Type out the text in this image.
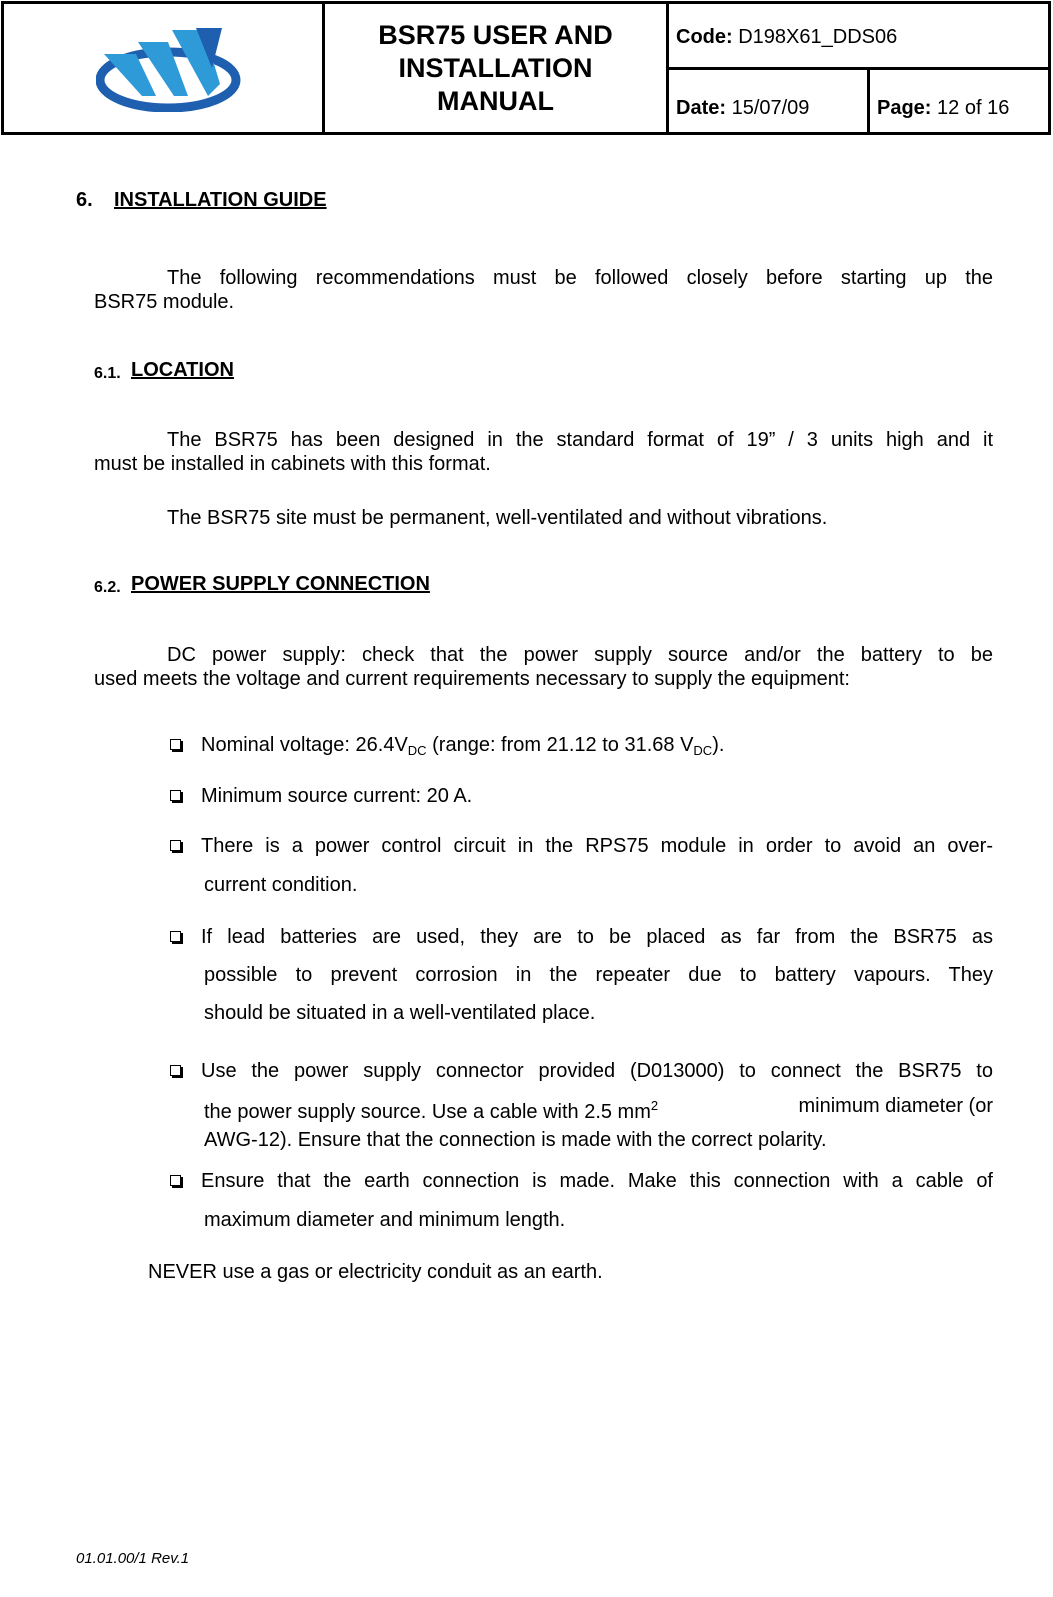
BSR75 USER AND INSTALLATION MANUAL
Code: D198X61_DDS06
Date: 15/07/09	Page: 12 of 16
6. INSTALLATION GUIDE
The following recommendations must be followed closely before starting up the
BSR75 module.
6.1. LOCATION
The BSR75 has been designed in the standard format of 19” / 3 units high and it
must be installed in cabinets with this format.
The BSR75 site must be permanent, well-ventilated and without vibrations.
6.2. POWER SUPPLY CONNECTION
DC power supply: check that the power supply source and/or the battery to be
used meets the voltage and current requirements necessary to supply the equipment:
Nominal voltage: $26.4V_{DC}$ (range: from 21.12 to 31.68 $V_{DC}$).
Minimum source current: 20 A.
There is a power control circuit in the RPS75 module in order to avoid an over-
current condition.
If lead batteries are used, they are to be placed as far from the BSR75 as
possible to prevent corrosion in the repeater due to battery vapours. They
should be situated in a well-ventilated place.
Use the power supply connector provided (D013000) to connect the BSR75 to
the power supply source. Use a cable with 2.5 $mm^2$	minimum diameter (or
AWG-12). Ensure that the connection is made with the correct polarity.
Ensure that the earth connection is made. Make this connection with a cable of
maximum diameter and minimum length.
NEVER use a gas or electricity conduit as an earth.
01.01.00/1 Rev.1
